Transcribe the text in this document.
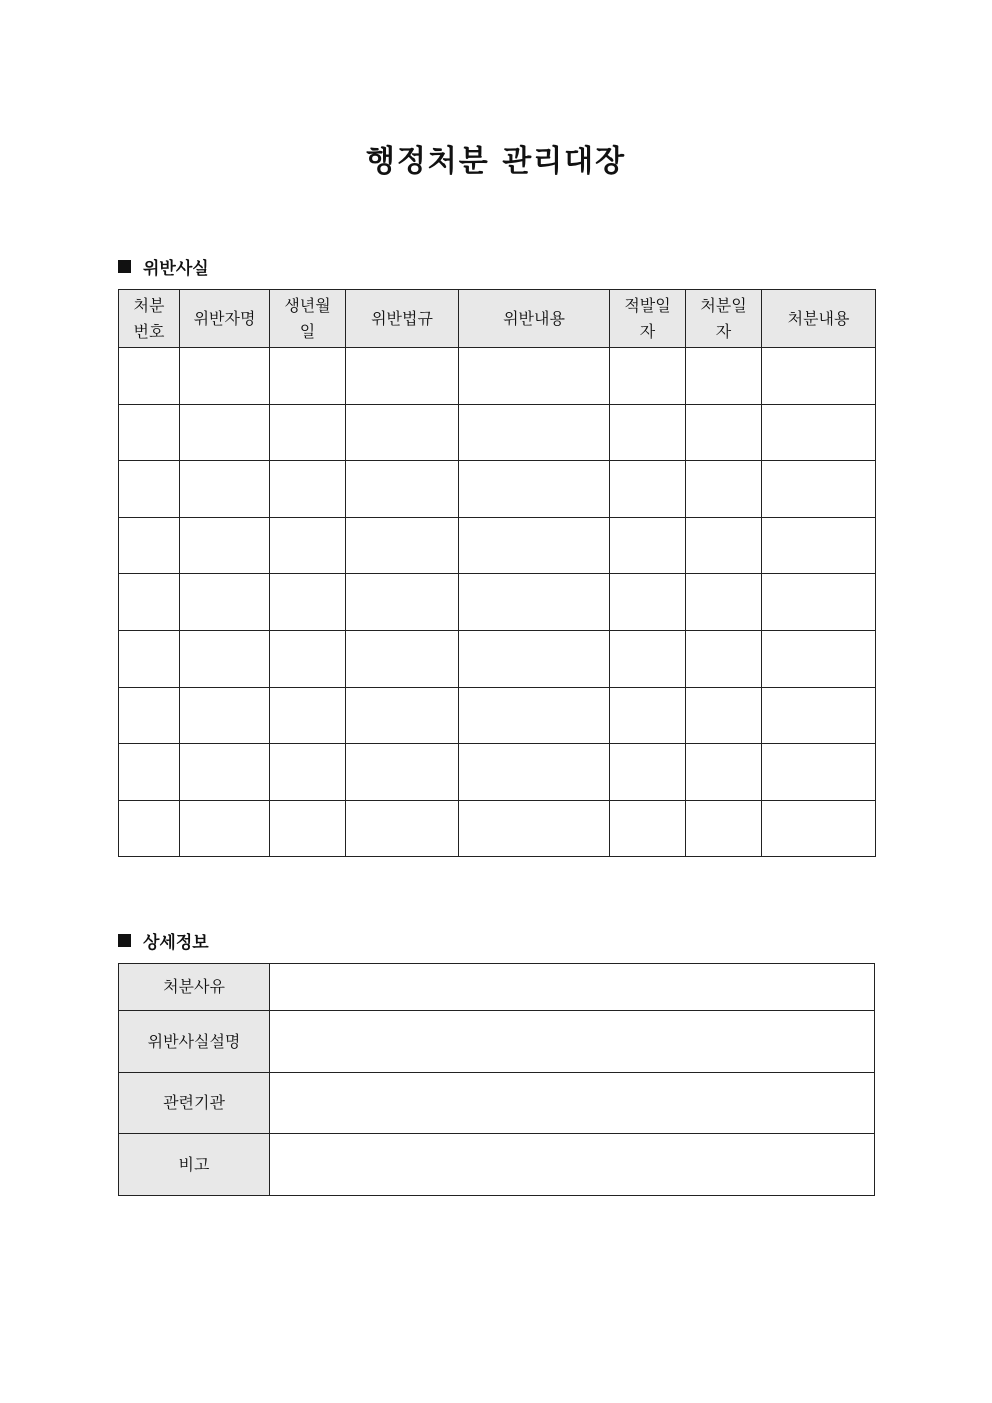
행정처분 관리대장
위반사실
처분번호	위반자명	생년월일	위반법규	위반내용	적발일자	처분일자	처분내용

상세정보
처분사유	
위반사실설명	
관련기관	
비고	
